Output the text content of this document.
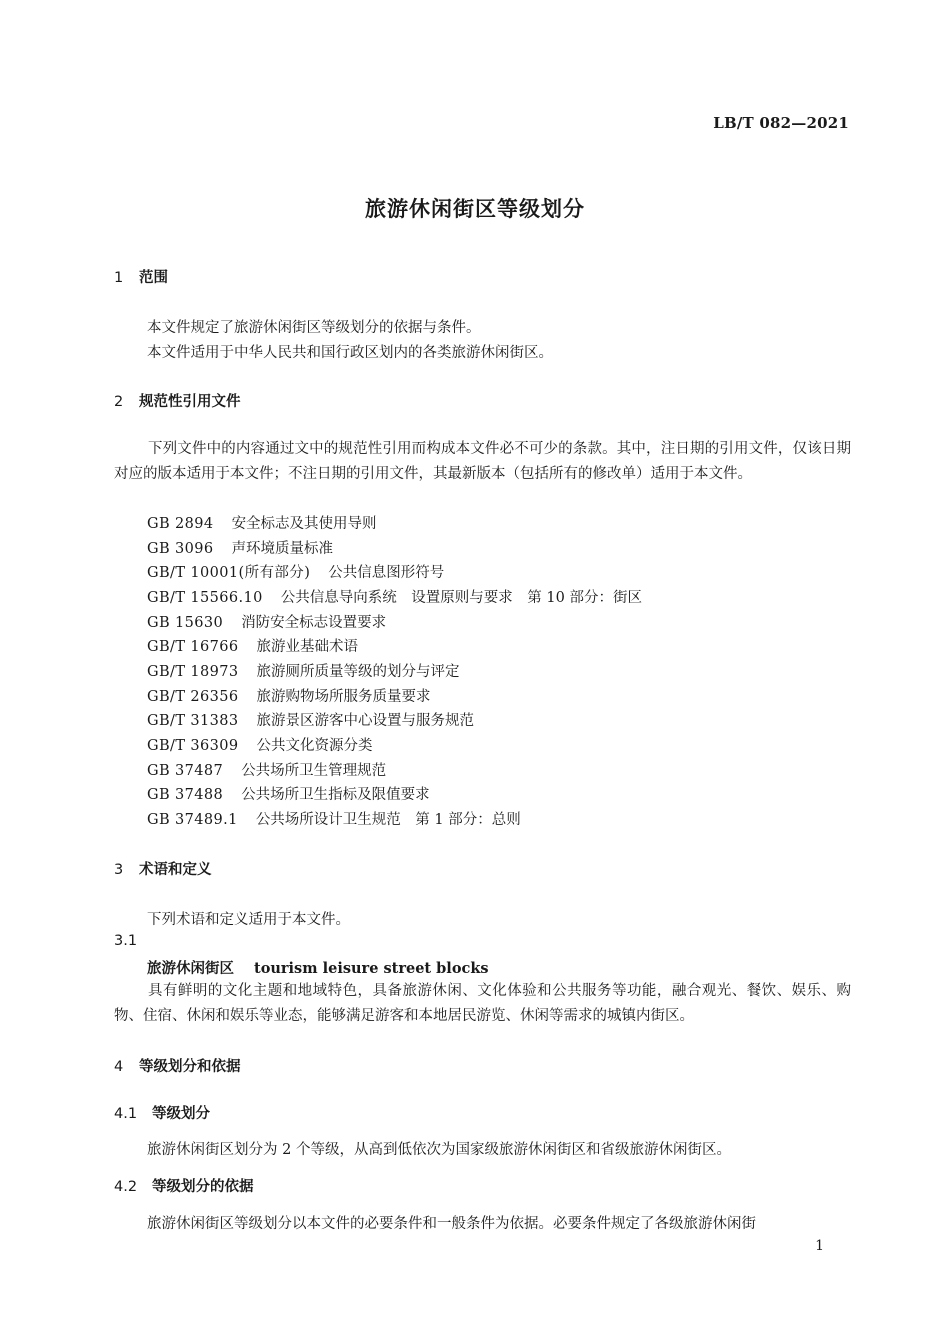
LB/T 082—2021
旅游休闲街区等级划分
1 范围
本文件规定了旅游休闲街区等级划分的依据与条件。
本文件适用于中华人民共和国行政区划内的各类旅游休闲街区。
2 规范性引用文件
下列文件中的内容通过文中的规范性引用而构成本文件必不可少的条款。其中，注日期的引用文件，仅该日期对应的版本适用于本文件；不注日期的引用文件，其最新版本（包括所有的修改单）适用于本文件。
GB 2894 安全标志及其使用导则
GB 3096 声环境质量标准
GB/T 10001(所有部分) 公共信息图形符号
GB/T 15566.10 公共信息导向系统　设置原则与要求　第 10 部分：街区
GB 15630 消防安全标志设置要求
GB/T 16766 旅游业基础术语
GB/T 18973 旅游厕所质量等级的划分与评定
GB/T 26356 旅游购物场所服务质量要求
GB/T 31383 旅游景区游客中心设置与服务规范
GB/T 36309 公共文化资源分类
GB 37487 公共场所卫生管理规范
GB 37488 公共场所卫生指标及限值要求
GB 37489.1 公共场所设计卫生规范　第 1 部分：总则
3 术语和定义
下列术语和定义适用于本文件。
3.1
旅游休闲街区 tourism leisure street blocks
具有鲜明的文化主题和地域特色，具备旅游休闲、文化体验和公共服务等功能，融合观光、餐饮、娱乐、购物、住宿、休闲和娱乐等业态，能够满足游客和本地居民游览、休闲等需求的城镇内街区。
4 等级划分和依据
4.1 等级划分
旅游休闲街区划分为 2 个等级，从高到低依次为国家级旅游休闲街区和省级旅游休闲街区。
4.2 等级划分的依据
旅游休闲街区等级划分以本文件的必要条件和一般条件为依据。必要条件规定了各级旅游休闲街
1
